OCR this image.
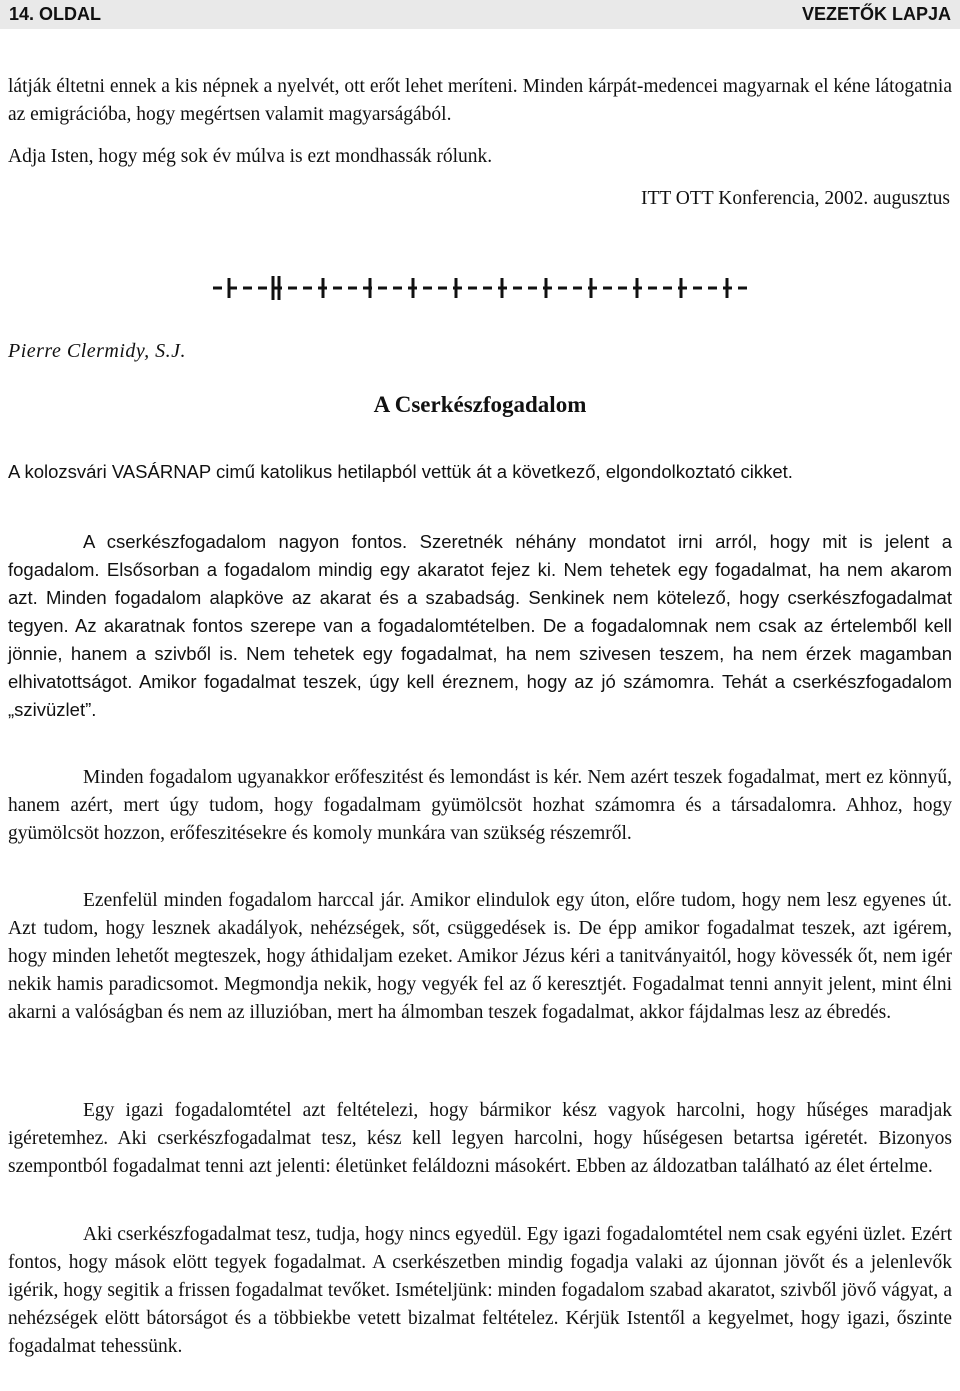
14. OLDAL	VEZETŐK LAPJA

látják éltetni ennek a kis népnek a nyelvét, ott erőt lehet meríteni. Minden kárpát-medencei magyarnak el kéne látogatnia az emigrációba, hogy megértsen valamit magyarságából.

Adja Isten, hogy még sok év múlva is ezt mondhassák rólunk.

ITT OTT Konferencia, 2002. augusztus
Pierre Clermidy, S.J.
A Cserkészfogadalom

A kolozsvári VASÁRNAP cimű katolikus hetilapból vettük át a következő, elgondolkoztató cikket.

A cserkészfogadalom nagyon fontos. Szeretnék néhány mondatot irni arról, hogy mit is jelent a fogadalom. Elsősorban a fogadalom mindig egy akaratot fejez ki. Nem tehetek egy fogadalmat, ha nem akarom azt. Minden fogadalom alapköve az akarat és a szabadság. Senkinek nem kötelező, hogy cserkészfogadalmat tegyen. Az akaratnak fontos szerepe van a fogadalomtételben. De a fogadalomnak nem csak az értelemből kell jönnie, hanem a szivből is. Nem tehetek egy fogadalmat, ha nem szivesen teszem, ha nem érzek magamban elhivatottságot. Amikor fogadalmat teszek, úgy kell éreznem, hogy az jó számomra. Tehát a cserkészfogadalom „szivüzlet”.

Minden fogadalom ugyanakkor erőfeszitést és lemondást is kér. Nem azért teszek fogadalmat, mert ez könnyű, hanem azért, mert úgy tudom, hogy fogadalmam gyümölcsöt hozhat számomra és a társadalomra. Ahhoz, hogy gyümölcsöt hozzon, erőfeszitésekre és komoly munkára van szükség részemről.

Ezenfelül minden fogadalom harccal jár. Amikor elindulok egy úton, előre tudom, hogy nem lesz egyenes út. Azt tudom, hogy lesznek akadályok, nehézségek, sőt, csüggedések is. De épp amikor fogadalmat teszek, azt igérem, hogy minden lehetőt megteszek, hogy áthidaljam ezeket. Amikor Jézus kéri a tanitványaitól, hogy kövessék őt, nem igér nekik hamis paradicsomot. Megmondja nekik, hogy vegyék fel az ő keresztjét. Fogadalmat tenni annyit jelent, mint élni akarni a valóságban és nem az illuzióban, mert ha álmomban teszek fogadalmat, akkor fájdalmas lesz az ébredés.

Egy igazi fogadalomtétel azt feltételezi, hogy bármikor kész vagyok harcolni, hogy hűséges maradjak igéretemhez. Aki cserkészfogadalmat tesz, kész kell legyen harcolni, hogy hűségesen betartsa igéretét. Bizonyos szempontból fogadalmat tenni azt jelenti: életünket feláldozni másokért. Ebben az áldozatban található az élet értelme.

Aki cserkészfogadalmat tesz, tudja, hogy nincs egyedül. Egy igazi fogadalomtétel nem csak egyéni üzlet. Ezért fontos, hogy mások elött tegyek fogadalmat. A cserkészetben mindig fogadja valaki az újonnan jövőt és a jelenlevők igérik, hogy segitik a frissen fogadalmat tevőket. Ismételjünk: minden fogadalom szabad akaratot, szivből jövő vágyat, a nehézségek elött bátorságot és a többiekbe vetett bizalmat feltételez. Kérjük Istentől a kegyelmet, hogy igazi, őszinte fogadalmat tehessünk.
